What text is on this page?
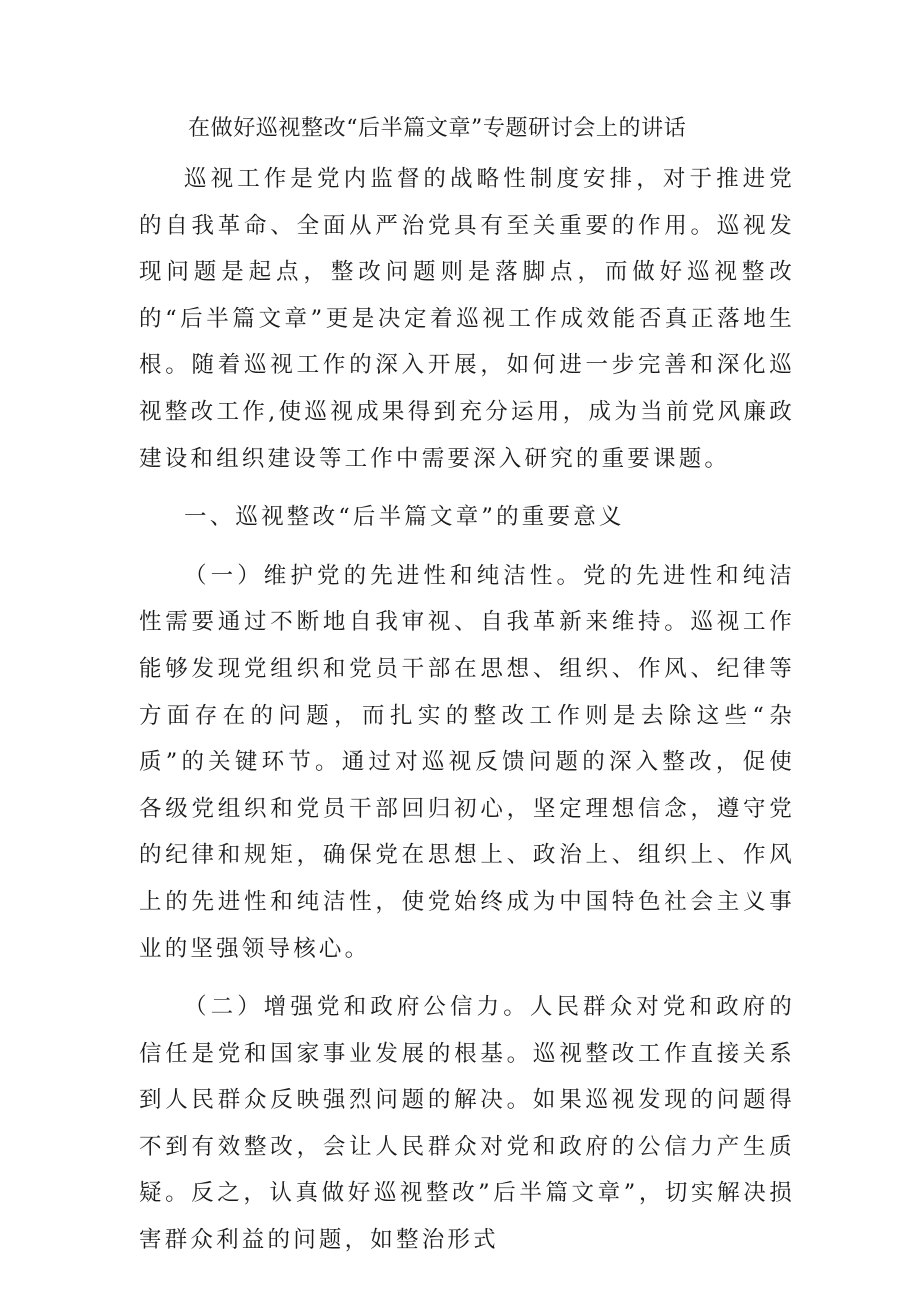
在做好巡视整改“后半篇文章”专题研讨会上的讲话

巡视工作是党内监督的战略性制度安排，对于推进党的自我革命、全面从严治党具有至关重要的作用。巡视发现问题是起点，整改问题则是落脚点，而做好巡视整改的“后半篇文章”更是决定着巡视工作成效能否真正落地生根。随着巡视工作的深入开展，如何进一步完善和深化巡视整改工作,使巡视成果得到充分运用，成为当前党风廉政建设和组织建设等工作中需要深入研究的重要课题。

一、巡视整改“后半篇文章”的重要意义

（一）维护党的先进性和纯洁性。党的先进性和纯洁性需要通过不断地自我审视、自我革新来维持。巡视工作能够发现党组织和党员干部在思想、组织、作风、纪律等方面存在的问题，而扎实的整改工作则是去除这些“杂质”的关键环节。通过对巡视反馈问题的深入整改，促使各级党组织和党员干部回归初心，坚定理想信念，遵守党的纪律和规矩，确保党在思想上、政治上、组织上、作风上的先进性和纯洁性，使党始终成为中国特色社会主义事业的坚强领导核心。

（二）增强党和政府公信力。人民群众对党和政府的信任是党和国家事业发展的根基。巡视整改工作直接关系到人民群众反映强烈问题的解决。如果巡视发现的问题得不到有效整改，会让人民群众对党和政府的公信力产生质疑。反之，认真做好巡视整改”后半篇文章”，切实解决损害群众利益的问题，如整治形式
